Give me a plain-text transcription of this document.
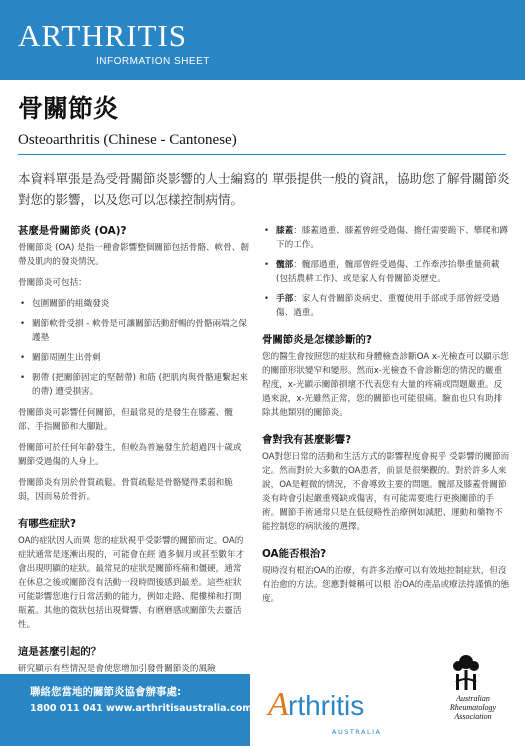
ARTHRITIS
INFORMATION SHEET
骨關節炎
Osteoarthritis (Chinese - Cantonese)
本資料單張是為受骨關節炎影響的人士編寫的 單張提供一般的資訊，協助您了解骨關節炎對您的影響，以及您可以怎樣控制病情。
甚麼是骨關節炎 (OA)?

骨關節炎 (OA) 是指一種會影響整個關節包括骨骼、軟骨、韌帶及肌肉的發炎情況。

骨關節炎可包括：

• 包圍關節的組織發炎
• 關節軟骨受損 - 軟骨是可讓關節活動舒暢的骨骼兩端之保護墊
• 關節周圍生出骨刺
• 韌帶 (把關節固定的堅韌帶) 和筋 (把肌肉與骨骼連繫起來的帶) 遭受損害。

骨關節炎可影響任何關節，但最常見的是發生在膝蓋、髖部、手指關節和大腳趾。

骨關節可於任何年齡發生，但較為普遍發生於超過四十歲或關節受過傷的人身上。

骨關節炎有別於骨質疏鬆。骨質疏鬆是骨骼變得柔弱和脆弱，因而易於骨折。

有哪些症狀?

OA的症狀因人而異 您的症狀視乎受影響的關節而定。OA的症狀通常是逐漸出現的，可能會在經 過多個月或甚至數年才會出現明顯的症狀。最常見的症狀是關節疼痛和僵硬，通常在休息之後或關節沒有活動一段時間後感到最差。這些症狀可能影響您進行日常活動的能力，例如走路、爬樓梯和打開瓶蓋。其他的徵狀包括出現聲響、有磨磨感或關節失去靈活性。

這是甚麼引起的？

研究顯示有些情況是會使您增加引發骨關節炎的風險

• 膝蓋：膝蓋過重、膝蓋曾經受過傷、擔任需要跪下、攀爬和蹲下的工作。
• 髖部：髖部過重，髖部曾經受過傷、工作牽涉抬舉重量荷載 (包括農耕工作)、或是家人有骨關節炎歷史。
• 手部：家人有骨關節炎病史、重覆使用手部或手部曾經受過傷、過重。
骨關節炎是怎樣診斷的?

您的醫生會按照您的症狀和身體檢查診斷OA x-光檢查可以顯示您的關節形狀變窄和變形。然而x-光檢查不會診斷您的情況的嚴重程度，x-光顯示關節損壞不代表您有大量的疼痛或問題嚴重。反過來說，x-光雖然正常，您的關節也可能很痛。驗血也只有助排除其他類別的關節炎。

會對我有甚麼影響?

OA對您日常的活動和生活方式的影響程度會視乎 受影響的關節而定。然而對於大多數的OA患者，前景是很樂觀的。對於許多人來說，OA是輕微的情況，不會導致主要的問題。髖部及膝蓋骨關節炎有時會引起嚴重殘缺或傷害，有可能需要進行更換關節的手術。關節手術通常只是在低侵略性治療例如減肥、運動和藥物不能控制您的病狀後的選擇。

OA能否根治?

現時沒有根治OA的治療，有許多治療可以有效地控制症狀，但沒有治愈的方法。您應對聲稱可以根 治OA的產品或療法持謹慎的態度。

聯絡您當地的關節炎協會辦事處:
1800 011 041 www.arthritisaustralia.com.au A rthritis
AUSTRALIA
Australian Rheumatology Association
